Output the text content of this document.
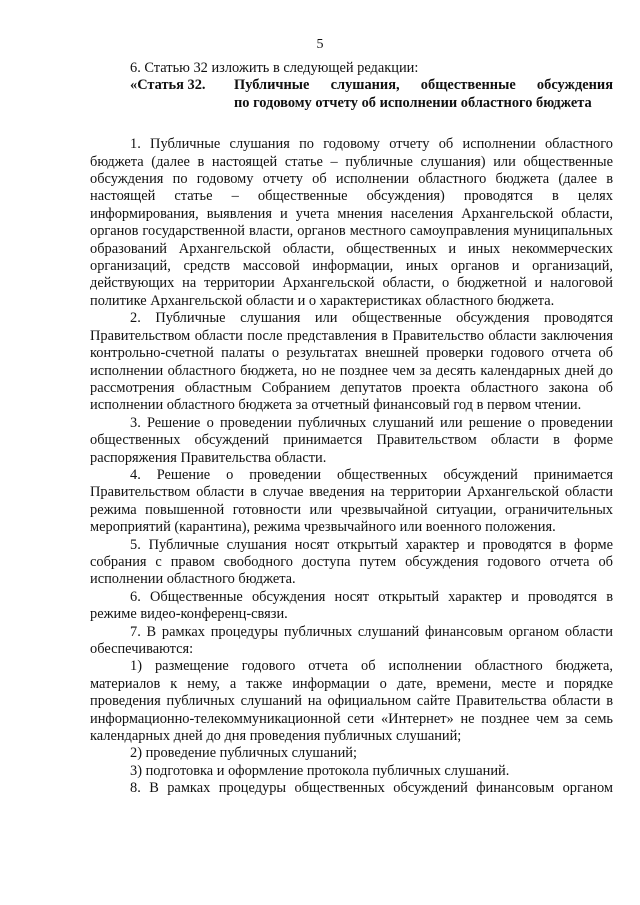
5

6. Статью 32 изложить в следующей редакции:

«Статья 32.	Публичные слушания, общественные обсуждения
по годовому отчету об исполнении областного бюджета

1. Публичные слушания по годовому отчету об исполнении областного бюджета (далее в настоящей статье – публичные слушания) или общественные обсуждения по годовому отчету об исполнении областного бюджета (далее в настоящей статье – общественные обсуждения) проводятся в целях информирования, выявления и учета мнения населения Архангельской области, органов государственной власти, органов местного самоуправления муниципальных образований Архангельской области, общественных и иных некоммерческих организаций, средств массовой информации, иных органов и организаций, действующих на территории Архангельской области, о бюджетной и налоговой политике Архангельской области и о характеристиках областного бюджета.

2. Публичные слушания или общественные обсуждения проводятся Правительством области после представления в Правительство области заключения контрольно-счетной палаты о результатах внешней проверки годового отчета об исполнении областного бюджета, но не позднее чем за десять календарных дней до рассмотрения областным Собранием депутатов проекта областного закона об исполнении областного бюджета за отчетный финансовый год в первом чтении.

3. Решение о проведении публичных слушаний или решение о проведении общественных обсуждений принимается Правительством области в форме распоряжения Правительства области.

4. Решение о проведении общественных обсуждений принимается Правительством области в случае введения на территории Архангельской области режима повышенной готовности или чрезвычайной ситуации, ограничительных мероприятий (карантина), режима чрезвычайного или военного положения.

5. Публичные слушания носят открытый характер и проводятся в форме собрания с правом свободного доступа путем обсуждения годового отчета об исполнении областного бюджета.

6. Общественные обсуждения носят открытый характер и проводятся в режиме видео-конференц-связи.

7. В рамках процедуры публичных слушаний финансовым органом области обеспечиваются:

1) размещение годового отчета об исполнении областного бюджета, материалов к нему, а также информации о дате, времени, месте и порядке проведения публичных слушаний на официальном сайте Правительства области в информационно-телекоммуникационной сети «Интернет» не позднее чем за семь календарных дней до дня проведения публичных слушаний;

2) проведение публичных слушаний;

3) подготовка и оформление протокола публичных слушаний.

8. В рамках процедуры общественных обсуждений финансовым органом
